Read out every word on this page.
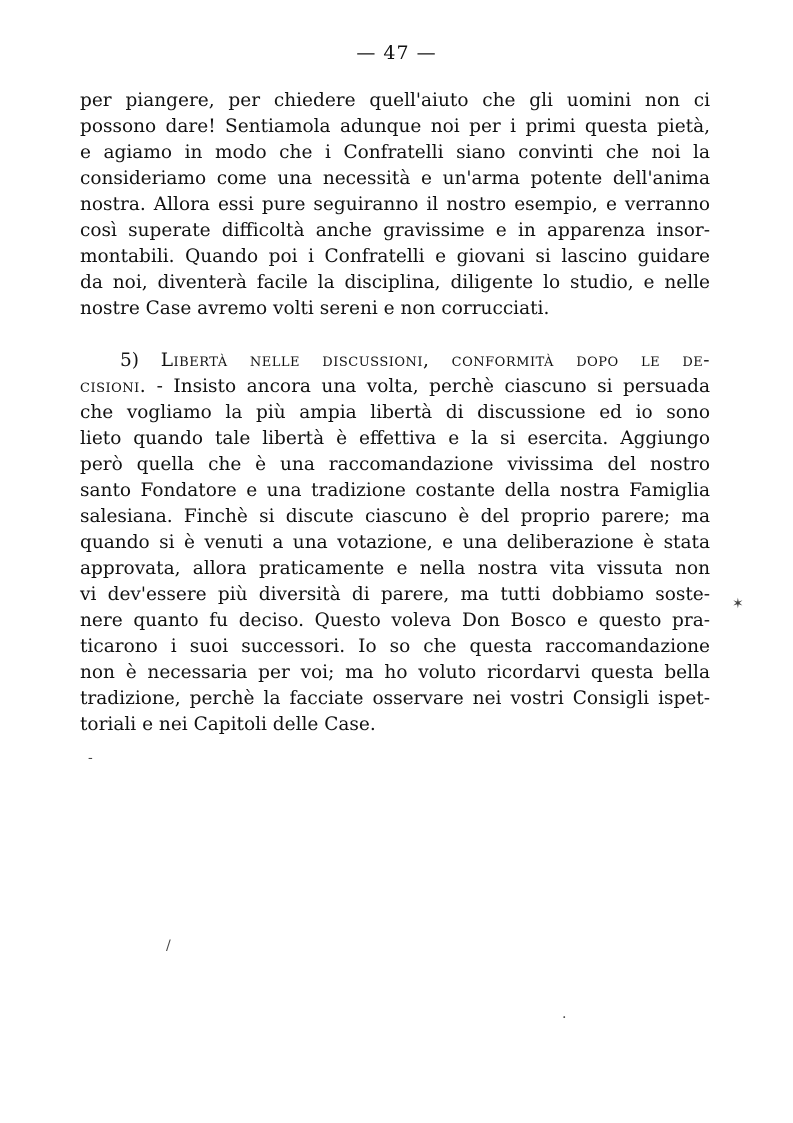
— 47 —
per piangere, per chiedere quell'aiuto che gli uomini non ci
possono dare! Sentiamola adunque noi per i primi questa pietà,
e agiamo in modo che i Confratelli siano convinti che noi la
consideriamo come una necessità e un'arma potente dell'anima
nostra. Allora essi pure seguiranno il nostro esempio, e verranno
così superate difficoltà anche gravissime e in apparenza insor-
montabili. Quando poi i Confratelli e giovani si lascino guidare
da noi, diventerà facile la disciplina, diligente lo studio, e nelle
nostre Case avremo volti sereni e non corrucciati.
5) Libertà nelle discussioni, conformità dopo le de-
cisioni. - Insisto ancora una volta, perchè ciascuno si persuada
che vogliamo la più ampia libertà di discussione ed io sono
lieto quando tale libertà è effettiva e la si esercita. Aggiungo
però quella che è una raccomandazione vivissima del nostro
santo Fondatore e una tradizione costante della nostra Famiglia
salesiana. Finchè si discute ciascuno è del proprio parere; ma
quando si è venuti a una votazione, e una deliberazione è stata
approvata, allora praticamente e nella nostra vita vissuta non
vi dev'essere più diversità di parere, ma tutti dobbiamo soste-
nere quanto fu deciso. Questo voleva Don Bosco e questo pra-
ticarono i suoi successori. Io so che questa raccomandazione
non è necessaria per voi; ma ho voluto ricordarvi questa bella
tradizione, perchè la facciate osservare nei vostri Consigli ispet-
toriali e nei Capitoli delle Case.
✶
-
/
.
